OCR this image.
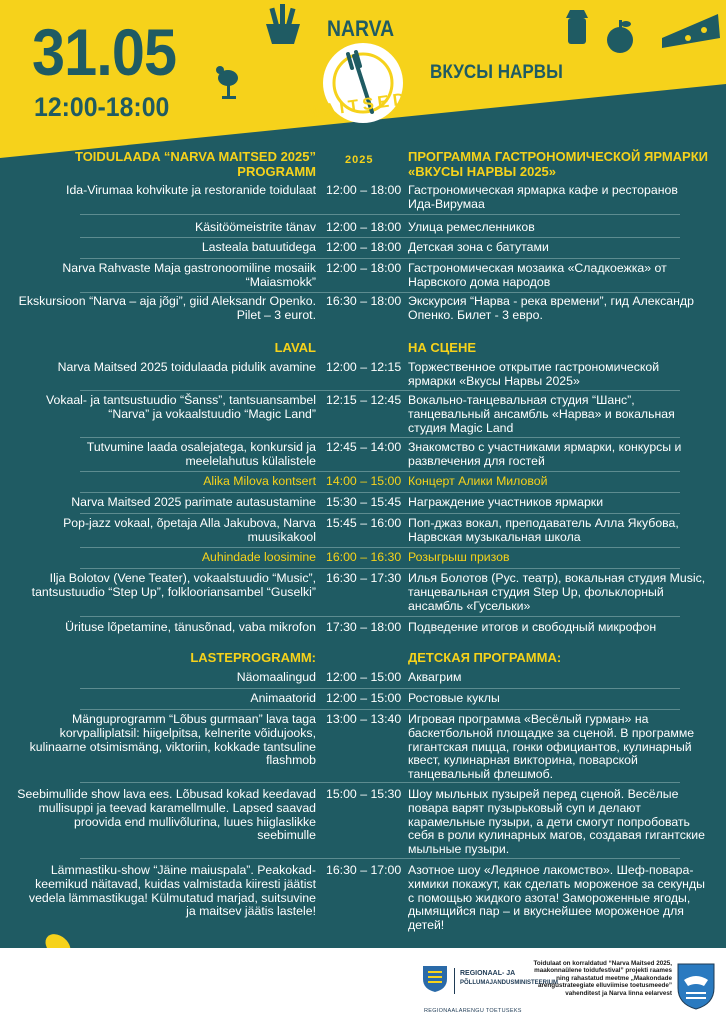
31.05
12:00-18:00
NARVA
MAITSED
2025
ВКУСЫ НАРВЫ
TOIDULAADA “NARVA MAITSED 2025” PROGRAMM
ПРОГРАММА ГАСТРОНОМИЧЕСКОЙ ЯРМАРКИ «ВКУСЫ НАРВЫ 2025»
Ida-Virumaa kohvikute ja restoranide toidulaat 12:00 – 18:00 Гастрономическая ярмарка кафе и ресторанов Ида-Вирумаа
Käsitöömeistrite tänav 12:00 – 18:00 Улица ремесленников
Lasteala batuutidega 12:00 – 18:00 Детская зона с батутами
Narva Rahvaste Maja gastronoomiline mosaiik “Maiasmokk”
12:00 – 18:00 Гастрономическая мозаика «Сладкоежка» от Нарвского дома народов
Ekskursioon “Narva – aja jõgi”, giid Aleksandr Openko. Pilet – 3 eurot.
16:30 – 18:00 Экскурсия “Нарва - река времени”, гид Александр Опенко. Билет - 3 евро.
LAVAL	НА СЦЕНЕ
Narva Maitsed 2025 toidulaada pidulik avamine 12:00 – 12:15 Торжественное открытие гастрономической ярмарки «Вкусы Нарвы 2025»
Vokaal- ja tantsustuudio “Šanss”, tantsuansambel “Narva” ja vokaalstuudio “Magic Land”
12:15 – 12:45 Вокально-танцевальная студия “Шанс”, танцевальный ансамбль «Нарва» и вокальная студия Magic Land
Tutvumine laada osalejatega, konkursid ja meelelahutus külalistele
12:45 – 14:00 Знакомство с участниками ярмарки, конкурсы и развлечения для гостей
Alika Milova kontsert 14:00 – 15:00 Концерт Алики Миловой
Narva Maitsed 2025 parimate autasustamine 15:30 – 15:45 Награждение участников ярмарки
Pop-jazz vokaal, õpetaja Alla Jakubova, Narva muusikakool
15:45 – 16:00 Поп-джаз вокал, преподаватель Алла Якубова, Нарвская музыкальная школа
Auhindade loosimine 16:00 – 16:30 Розыгрыш призов
Ilja Bolotov (Vene Teater), vokaalstuudio “Music”, tantsustuudio “Step Up”, folklooriansambel “Guselki”
16:30 – 17:30 Илья Болотов (Рус. театр), вокальная студия Music, танцевальная студия Step Up, фольклорный ансамбль «Гусельки»
Ürituse lõpetamine, tänusõnad, vaba mikrofon 17:30 – 18:00 Подведение итогов и свободный микрофон
LASTEPROGRAMM:	ДЕТСКАЯ ПРОГРАММА:
Näomaalingud 12:00 – 15:00 Аквагрим
Animaatorid 12:00 – 15:00 Ростовые куклы
Mänguprogramm “Lõbus gurmaan” lava taga korvpalliplatsil: hiigelpitsa, kelnerite võidujooks, kulinaarne otsimismäng, viktoriin, kokkade tantsuline flashmob
13:00 – 13:40 Игровая программа «Весёлый гурман» на баскетбольной площадке за сценой. В программе гигантская пицца, гонки официантов, кулинарный квест, кулинарная викторина, поварской танцевальный флешмоб.
Seebimullide show lava ees. Lõbusad kokad keedavad mullisuppi ja teevad karamellmulle. Lapsed saavad proovida end mullivõlurina, luues hiiglaslikke seebimulle
15:00 – 15:30 Шоу мыльных пузырей перед сценой. Весёлые повара варят пузырьковый суп и делают карамельные пузыри, а дети смогут попробовать себя в роли кулинарных магов, создавая гигантские мыльные пузыри.
Lämmastiku-show “Jäine maiuspala”. Peakokad-keemikud näitavad, kuidas valmistada kiiresti jäätist vedela lämmastikuga! Külmutatud marjad, suitsuvine ja maitsev jäätis lastele!
16:30 – 17:00 Азотное шоу «Ледяное лакомство». Шеф-повара-химики покажут, как сделать мороженое за секунды с помощью жидкого азота! Замороженные ягоды, дымящийся пар – и вкуснейшее мороженое для детей!
REGIONAAL- JA
PÕLLUMAJANDUSMINISTEERIUM
REGIONAALARENGU TOETUSEKS
Toidulaat on korraldatud “Narva Maitsed 2025, maakonnaülene toidufestival” projekti raames ning rahastatud meetme „Maakondade arengustrateegiate elluviimise toetusmeede” vahenditest ja Narva linna eelarvest
